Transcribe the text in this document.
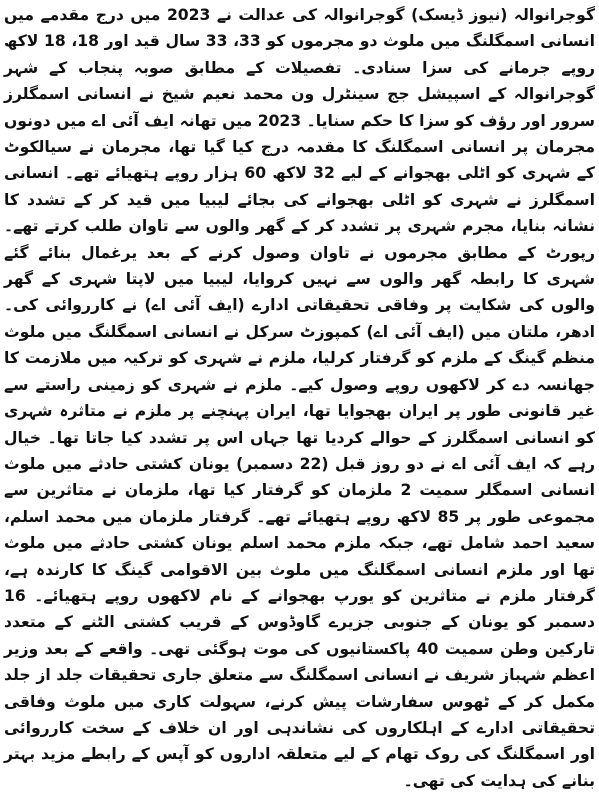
گوجرانوالہ (نیوز ڈیسک) گوجرانوالہ کی عدالت نے 2023 میں درج مقدمے میں انسانی اسمگلنگ میں ملوث دو مجرموں کو 33، 33 سال قید اور 18، 18 لاکھ روپے جرمانے کی سزا سنادی۔ تفصیلات کے مطابق صوبہ پنجاب کے شہر گوجرانوالہ کے اسپیشل جج سینٹرل ون محمد نعیم شیخ نے انسانی اسمگلرز سرور اور رؤف کو سزا کا حکم سنایا۔ 2023 میں تھانہ ایف آئی اے میں دونوں مجرمان پر انسانی اسمگلنگ کا مقدمہ درج کیا گیا تھا، مجرمان نے سیالکوٹ کے شہری کو اٹلی بھجوانے کے لیے 32 لاکھ 60 ہزار روپے ہتھیائے تھے۔ انسانی اسمگلرز نے شہری کو اٹلی بھجوانے کی بجائے لیبیا میں قید کر کے تشدد کا نشانہ بنایا، مجرم شہری پر تشدد کر کے گھر والوں سے تاوان طلب کرتے تھے۔ رپورٹ کے مطابق مجرموں نے تاوان وصول کرنے کے بعد یرغمال بنائے گئے شہری کا رابطہ گھر والوں سے نہیں کروایا، لیبیا میں لاپتا شہری کے گھر والوں کی شکایت پر وفاقی تحقیقاتی ادارے (ایف آئی اے) نے کارروائی کی۔ ادھر، ملتان میں (ایف آئی اے) کمپوزٹ سرکل نے انسانی اسمگلنگ میں ملوث منظم گینگ کے ملزم کو گرفتار کرلیا، ملزم نے شہری کو ترکیہ میں ملازمت کا جھانسہ دے کر لاکھوں روپے وصول کیے۔ ملزم نے شہری کو زمینی راستے سے غیر قانونی طور پر ایران بھجوایا تھا، ایران پہنچنے پر ملزم نے متاثرہ شہری کو انسانی اسمگلرز کے حوالے کردیا تھا جہاں اس پر تشدد کیا جاتا تھا۔ خیال رہے کہ ایف آئی اے نے دو روز قبل (22 دسمبر) یونان کشتی حادثے میں ملوث انسانی اسمگلر سمیت 2 ملزمان کو گرفتار کیا تھا، ملزمان نے متاثرین سے مجموعی طور پر 85 لاکھ روپے ہتھیائے تھے۔ گرفتار ملزمان میں محمد اسلم، سعید احمد شامل تھے، جبکہ ملزم محمد اسلم یونان کشتی حادثے میں ملوث تھا اور ملزم انسانی اسمگلنگ میں ملوث بین الاقوامی گینگ کا کارندہ ہے، گرفتار ملزم نے متاثرین کو یورپ بھجوانے کے نام لاکھوں روپے ہتھیائے۔ 16 دسمبر کو یونان کے جنوبی جزیرے گاوڈوس کے قریب کشتی الٹنے کے متعدد تارکین وطن سمیت 40 پاکستانیوں کی موت ہوگئی تھی۔ واقعے کے بعد وزیر اعظم شہباز شریف نے انسانی اسمگلنگ سے متعلق جاری تحقیقات جلد از جلد مکمل کر کے ٹھوس سفارشات پیش کرنے، سہولت کاری میں ملوث وفاقی تحقیقاتی ادارے کے اہلکاروں کی نشاندہی اور ان خلاف کے سخت کارروائی اور اسمگلنگ کی روک تھام کے لیے متعلقہ اداروں کو آپس کے رابطے مزید بہتر بنانے کی ہدایت کی تھی۔
